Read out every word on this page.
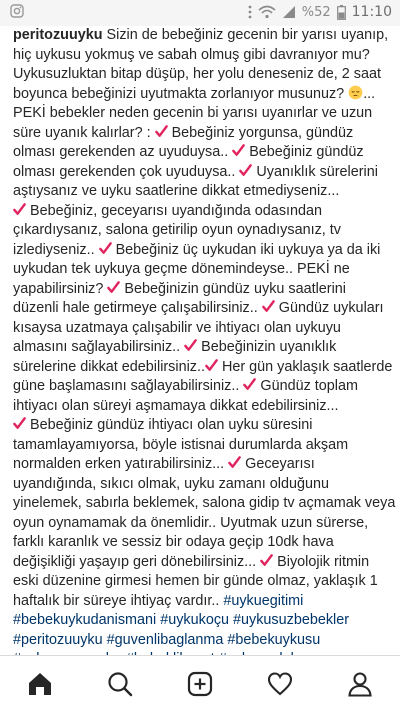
%52 11:10
peritozuuyku Sizin de bebeğiniz gecenin bir yarısı uyanıp,
hiç uykusu yokmuş ve sabah olmuş gibi davranıyor mu?
Uykusuzluktan bitap düşüp, her yolu deneseniz de, 2 saat
boyunca bebeğinizi uyutmakta zorlanıyor musunuz? ...
PEKİ bebekler neden gecenin bi yarısı uyanırlar ve uzun
süre uyanık kalırlar? :  Bebeğiniz yorgunsa, gündüz
olması gerekenden az uyuduysa..  Bebeğiniz gündüz
olması gerekenden çok uyuduysa..  Uyanıklık sürelerini
aştıysanız ve uyku saatlerine dikkat etmediyseniz...
Bebeğiniz, geceyarısı uyandığında odasından
çıkardıysanız, salona getirilip oyun oynadıysanız, tv
izlediyseniz..  Bebeğiniz üç uykudan iki uykuya ya da iki
uykudan tek uykuya geçme dönemindeyse.. PEKİ ne
yapabilirsiniz?  Bebeğinizin gündüz uyku saatlerini
düzenli hale getirmeye çalışabilirsiniz..  Gündüz uykuları
kısaysa uzatmaya çalışabilir ve ihtiyacı olan uykuyu
almasını sağlayabilirsiniz..  Bebeğinizin uyanıklık
sürelerine dikkat edebilirsiniz.. Her gün yaklaşık saatlerde
güne başlamasını sağlayabilirsiniz..  Gündüz toplam
ihtiyacı olan süreyi aşmamaya dikkat edebilirsiniz...
Bebeğiniz gündüz ihtiyacı olan uyku süresini
tamamlayamıyorsa, böyle istisnai durumlarda akşam
normalden erken yatırabilirsiniz...  Geceyarısı
uyandığında, sıkıcı olmak, uyku zamanı olduğunu
yinelemek, sabırla beklemek, salona gidip tv açmamak veya
oyun oynamamak da önemlidir.. Uyutmak uzun sürerse,
farklı karanlık ve sessiz bir odaya geçip 10dk hava
değişikliği yaşayıp geri dönebilirsiniz...  Biyolojik ritmin
eski düzenine girmesi hemen bir günde olmaz, yaklaşık 1
haftalık bir süreye ihtiyaç vardır.. #uykuegitimi
#bebekuykudanismani #uykukoçu #uykusuzbebekler
#peritozuuyku #guvenlibaglanma #bebekuykusu
